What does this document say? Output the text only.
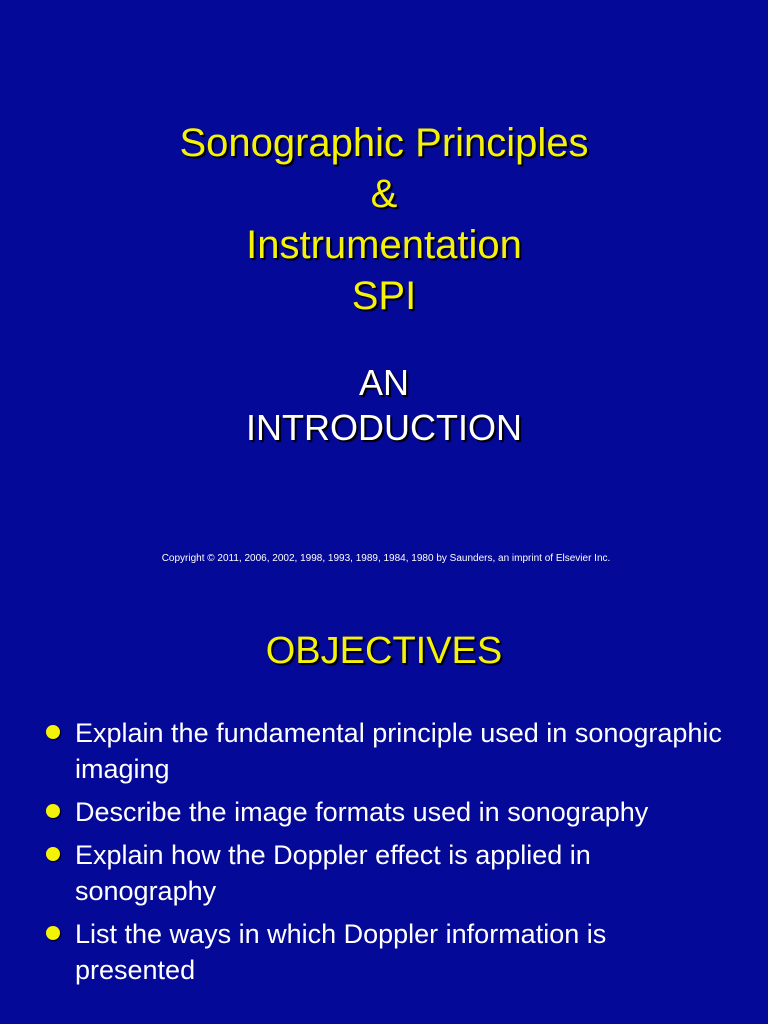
Sonographic Principles
&
Instrumentation
SPI
AN
INTRODUCTION
Copyright © 2011, 2006, 2002, 1998, 1993, 1989, 1984, 1980 by Saunders, an imprint of Elsevier Inc.
OBJECTIVES
Explain the fundamental principle used in sonographic imaging
Describe the image formats used in sonography
Explain how the Doppler effect is applied in sonography
List the ways in which Doppler information is presented
